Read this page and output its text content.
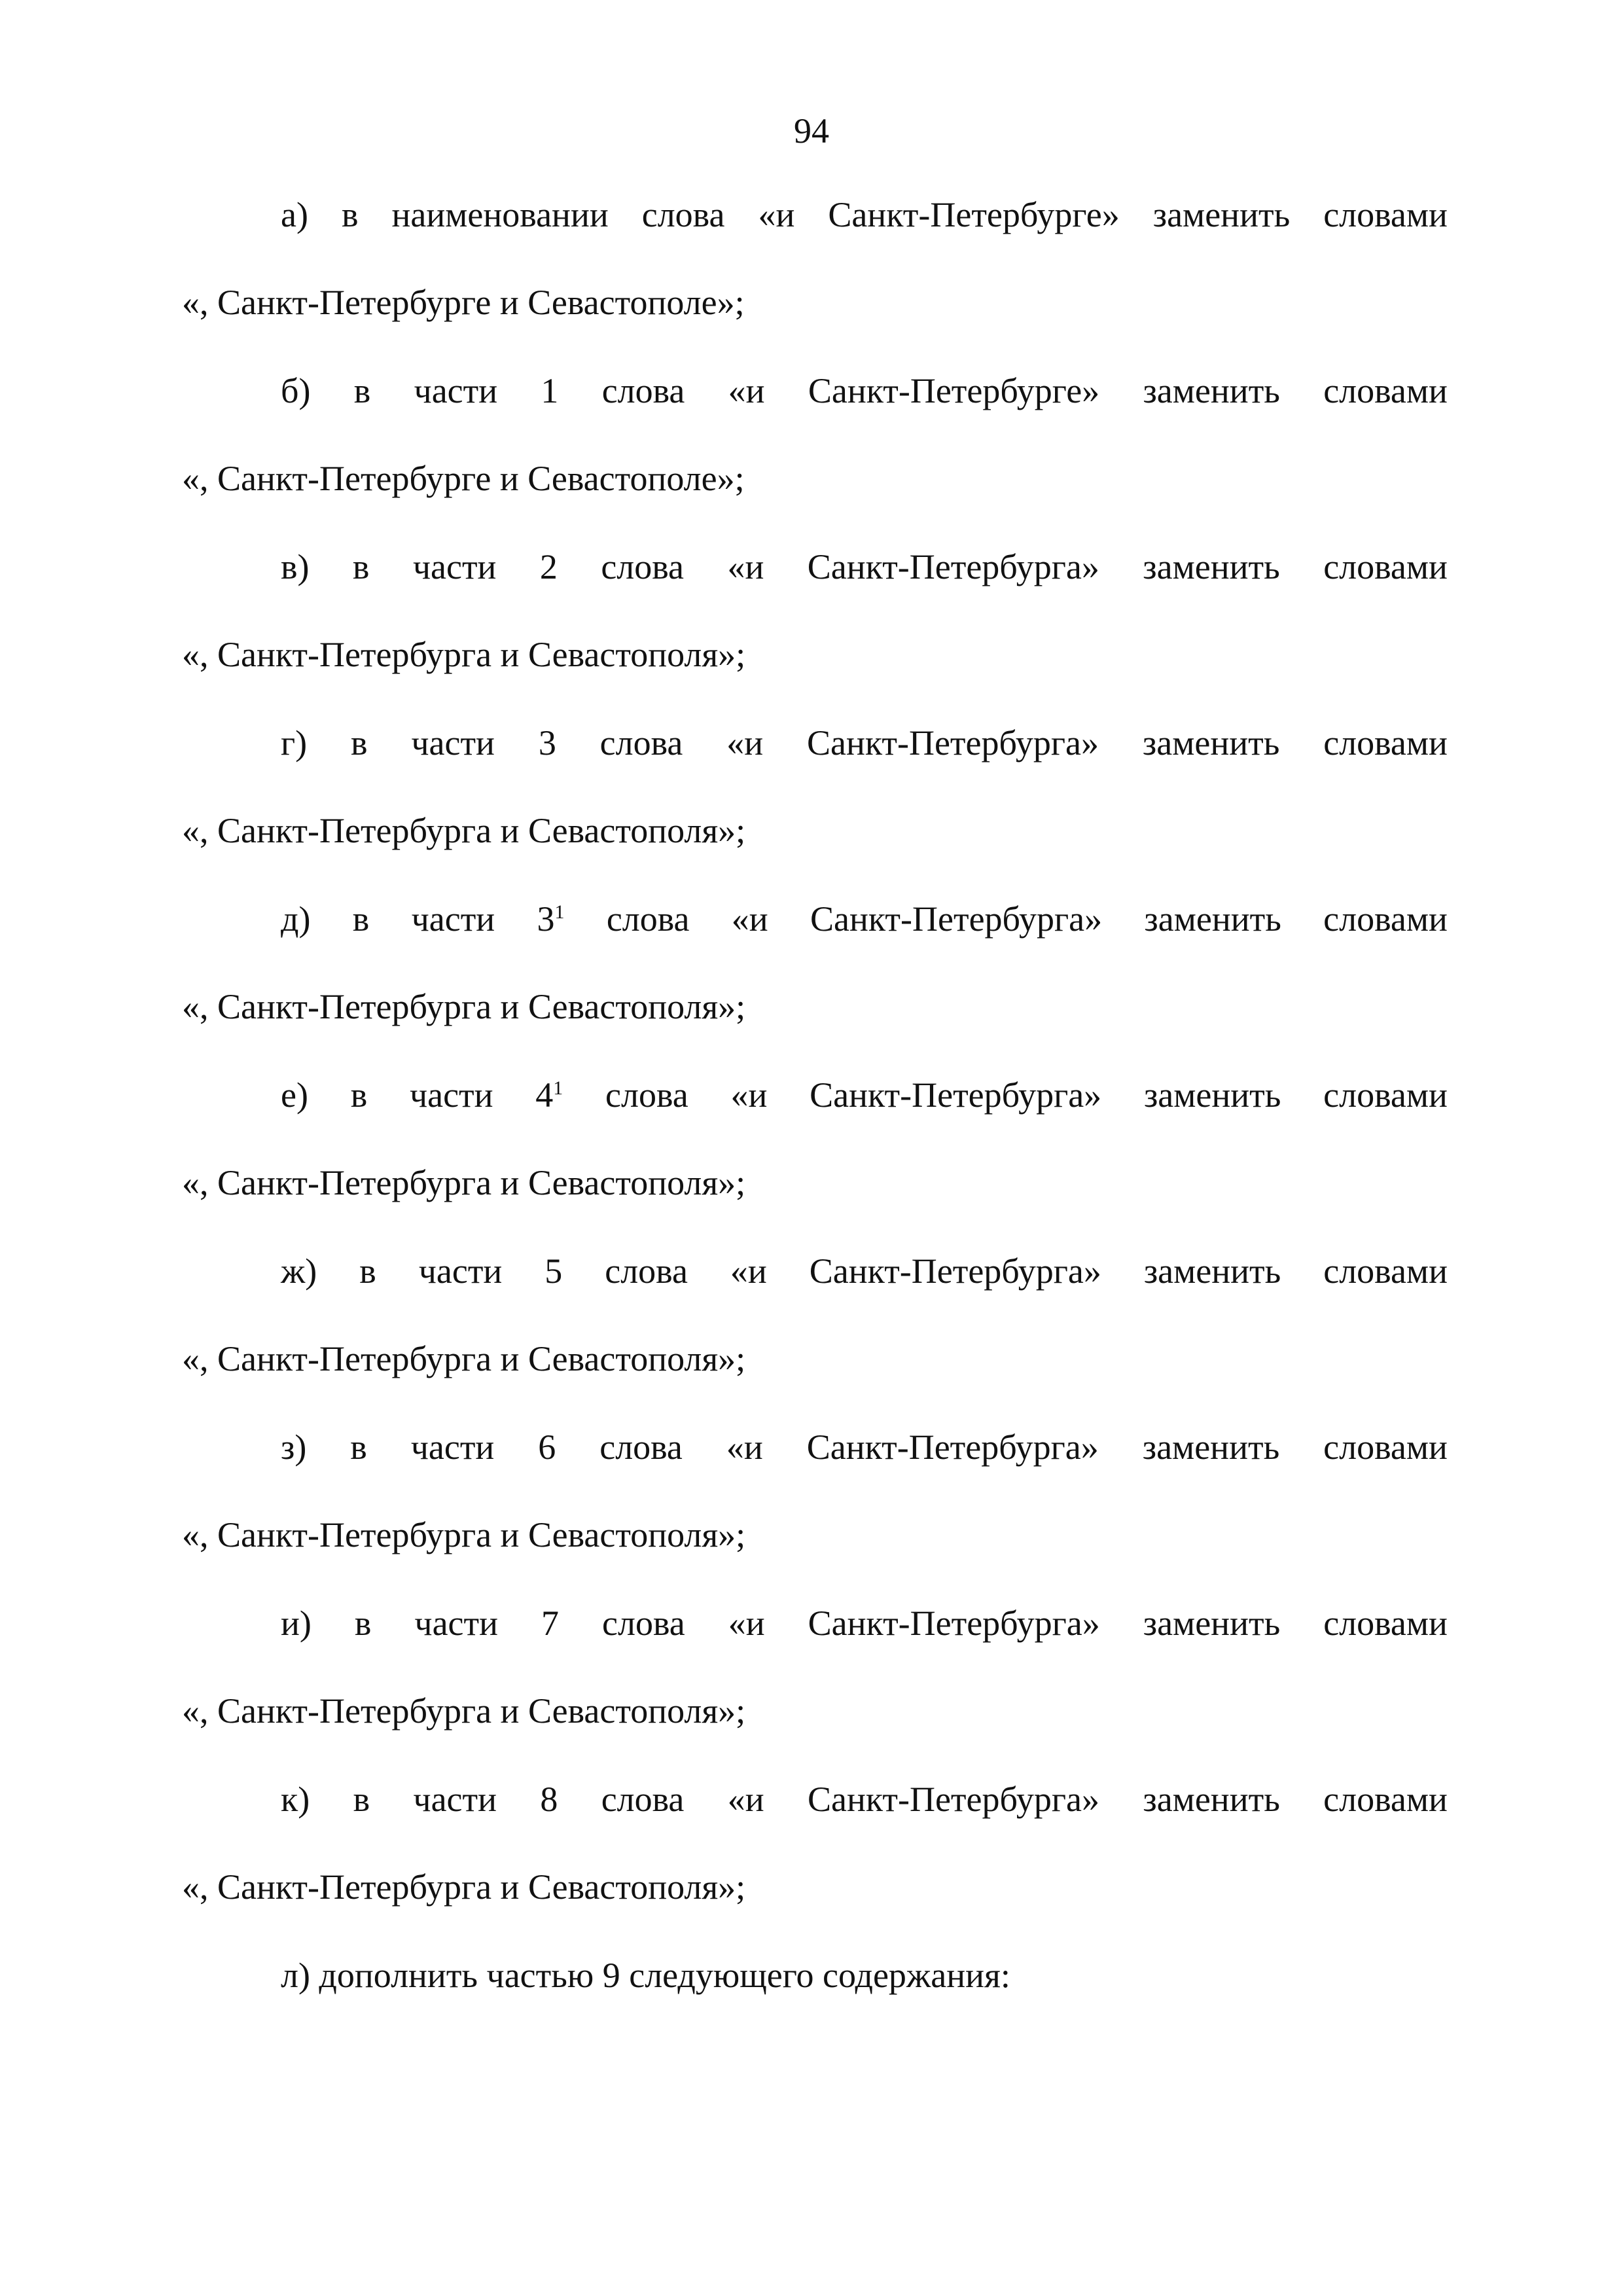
94
а) в наименовании слова «и Санкт-Петербурге» заменить словами
«, Санкт-Петербурге и Севастополе»;
б) в части 1 слова «и Санкт-Петербурге» заменить словами
«, Санкт-Петербурге и Севастополе»;
в) в части 2 слова «и Санкт-Петербурга» заменить словами
«, Санкт-Петербурга и Севастополя»;
г) в части 3 слова «и Санкт-Петербурга» заменить словами
«, Санкт-Петербурга и Севастополя»;
д) в части $3^1$ слова «и Санкт-Петербурга» заменить словами
«, Санкт-Петербурга и Севастополя»;
е) в части $4^1$ слова «и Санкт-Петербурга» заменить словами
«, Санкт-Петербурга и Севастополя»;
ж) в части 5 слова «и Санкт-Петербурга» заменить словами
«, Санкт-Петербурга и Севастополя»;
з) в части 6 слова «и Санкт-Петербурга» заменить словами
«, Санкт-Петербурга и Севастополя»;
и) в части 7 слова «и Санкт-Петербурга» заменить словами
«, Санкт-Петербурга и Севастополя»;
к) в части 8 слова «и Санкт-Петербурга» заменить словами
«, Санкт-Петербурга и Севастополя»;
л) дополнить частью 9 следующего содержания:
